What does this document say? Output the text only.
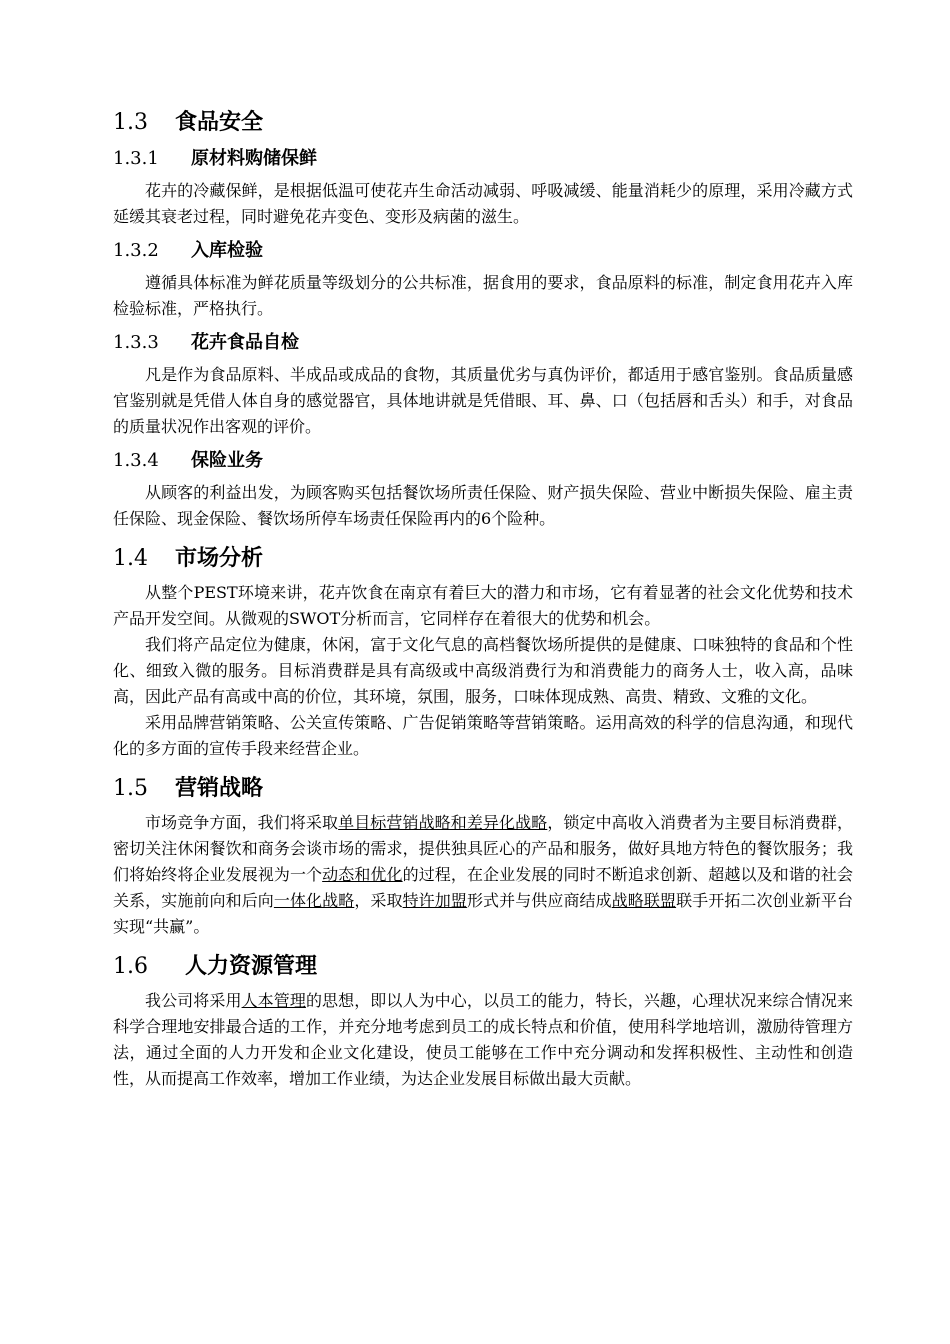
1.3 食品安全
1.3.1 原材料购储保鲜

花卉的冷藏保鲜，是根据低温可使花卉生命活动减弱、呼吸减缓、能量消耗少的原理，采用冷藏方式延缓其衰老过程，同时避免花卉变色、变形及病菌的滋生。

1.3.2 入库检验

遵循具体标准为鲜花质量等级划分的公共标准，据食用的要求，食品原料的标准，制定食用花卉入库检验标准，严格执行。

1.3.3 花卉食品自检

凡是作为食品原料、半成品或成品的食物，其质量优劣与真伪评价，都适用于感官鉴别。食品质量感官鉴别就是凭借人体自身的感觉器官，具体地讲就是凭借眼、耳、鼻、口（包括唇和舌头）和手，对食品的质量状况作出客观的评价。

1.3.4 保险业务

从顾客的利益出发，为顾客购买包括餐饮场所责任保险、财产损失保险、营业中断损失保险、雇主责任保险、现金保险、餐饮场所停车场责任保险再内的6个险种。

1.4 市场分析

从整个PEST环境来讲，花卉饮食在南京有着巨大的潜力和市场，它有着显著的社会文化优势和技术产品开发空间。从微观的SWOT分析而言，它同样存在着很大的优势和机会。

我们将产品定位为健康，休闲，富于文化气息的高档餐饮场所提供的是健康、口味独特的食品和个性化、细致入微的服务。目标消费群是具有高级或中高级消费行为和消费能力的商务人士，收入高，品味高，因此产品有高或中高的价位，其环境，氛围，服务，口味体现成熟、高贵、精致、文雅的文化。

采用品牌营销策略、公关宣传策略、广告促销策略等营销策略。运用高效的科学的信息沟通，和现代化的多方面的宣传手段来经营企业。

1.5 营销战略

市场竞争方面，我们将采取单目标营销战略和差异化战略，锁定中高收入消费者为主要目标消费群，密切关注休闲餐饮和商务会谈市场的需求，提供独具匠心的产品和服务，做好具地方特色的餐饮服务；我们将始终将企业发展视为一个动态和优化的过程，在企业发展的同时不断追求创新、超越以及和谐的社会关系，实施前向和后向一体化战略，采取特许加盟形式并与供应商结成战略联盟联手开拓二次创业新平台实现“共赢”。

1.6 人力资源管理

我公司将采用人本管理的思想，即以人为中心，以员工的能力，特长，兴趣，心理状况来综合情况来科学合理地安排最合适的工作，并充分地考虑到员工的成长特点和价值，使用科学地培训，激励待管理方法，通过全面的人力开发和企业文化建设，使员工能够在工作中充分调动和发挥积极性、主动性和创造性，从而提高工作效率，增加工作业绩，为达企业发展目标做出最大贡献。
